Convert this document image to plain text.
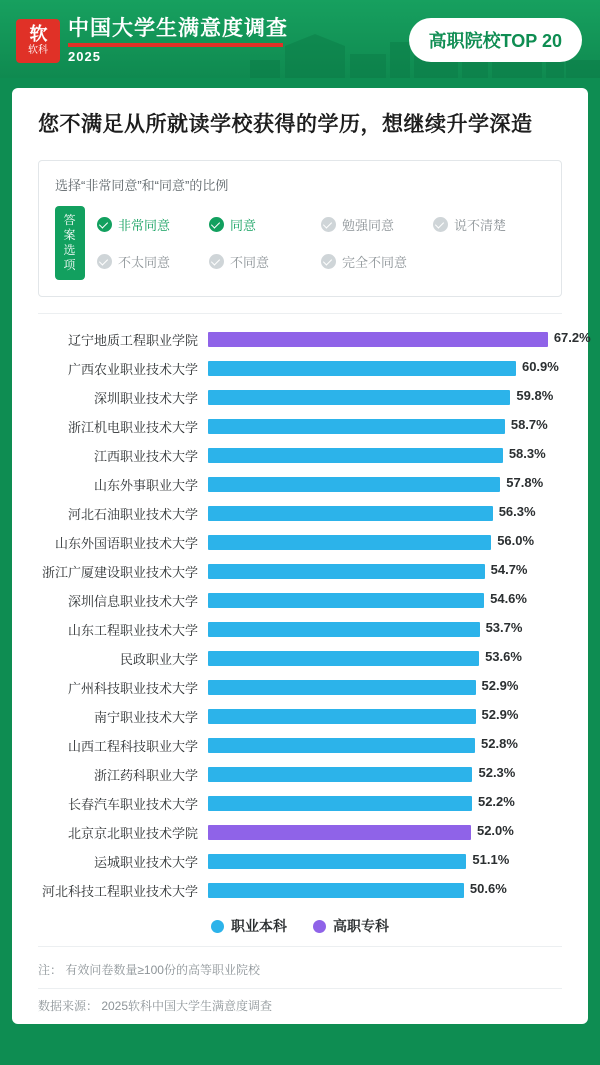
软
软科
中国大学生满意度调查
2025
高职院校TOP 20
您不满足从所就读学校获得的学历，想继续升学深造
选择“非常同意”和“同意”的比例
答案选项
非常同意	同意	勉强同意	说不清楚
不太同意	不同意	完全不同意
辽宁地质工程职业学院	67.2%
广西农业职业技术大学	60.9%
深圳职业技术大学	59.8%
浙江机电职业技术大学	58.7%
江西职业技术大学	58.3%
山东外事职业大学	57.8%
河北石油职业技术大学	56.3%
山东外国语职业技术大学	56.0%
浙江广厦建设职业技术大学	54.7%
深圳信息职业技术大学	54.6%
山东工程职业技术大学	53.7%
民政职业大学	53.6%
广州科技职业技术大学	52.9%
南宁职业技术大学	52.9%
山西工程科技职业大学	52.8%
浙江药科职业大学	52.3%
长春汽车职业技术大学	52.2%
北京京北职业技术学院	52.0%
运城职业技术大学	51.1%
河北科技工程职业技术大学	50.6%
职业本科	高职专科
注： 有效问卷数量≥100份的高等职业院校
数据来源： 2025软科中国大学生满意度调查
